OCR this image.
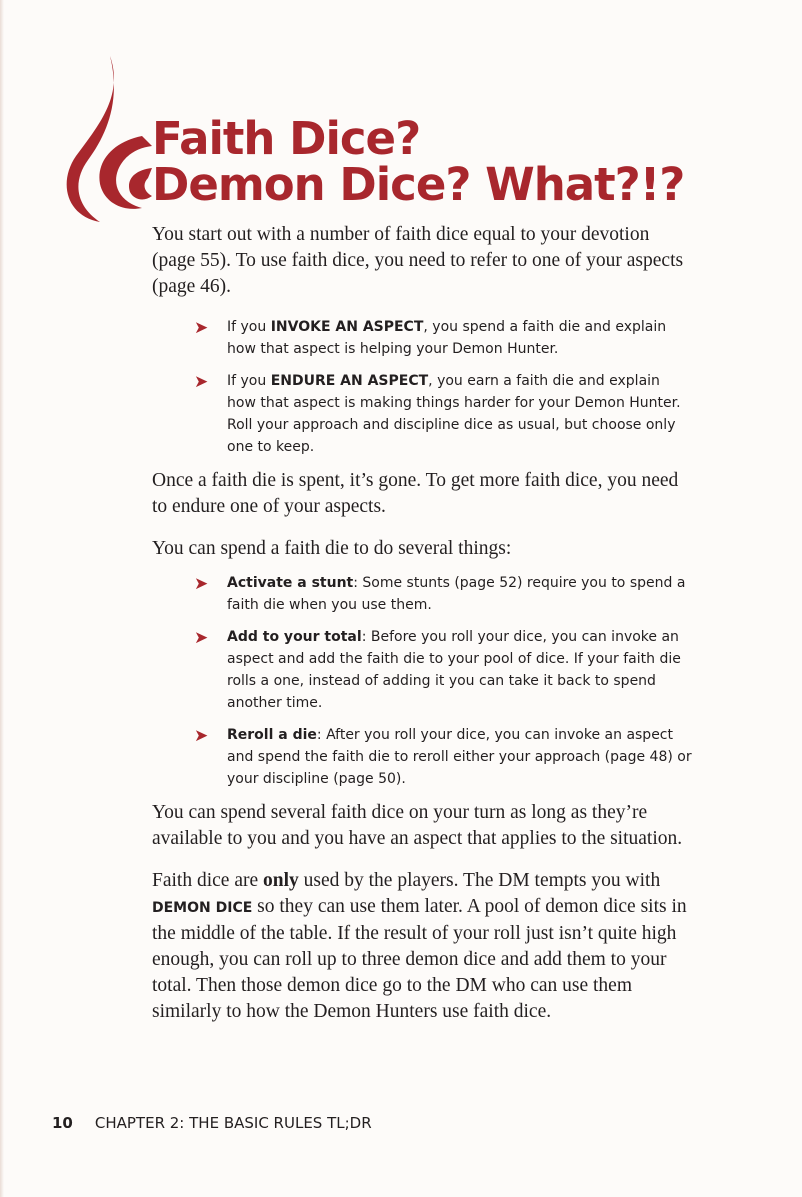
Faith Dice?
Demon Dice? What?!?

You start out with a number of faith dice equal to your devotion (page 55). To use faith dice, you need to refer to one of your aspects (page 46).

➤ If you INVOKE AN ASPECT, you spend a faith die and explain how that aspect is helping your Demon Hunter.
➤ If you ENDURE AN ASPECT, you earn a faith die and explain how that aspect is making things harder for your Demon Hunter. Roll your approach and discipline dice as usual, but choose only one to keep.

Once a faith die is spent, it’s gone. To get more faith dice, you need to endure one of your aspects.

You can spend a faith die to do several things:

➤ Activate a stunt: Some stunts (page 52) require you to spend a faith die when you use them.
➤ Add to your total: Before you roll your dice, you can invoke an aspect and add the faith die to your pool of dice. If your faith die rolls a one, instead of adding it you can take it back to spend another time.
➤ Reroll a die: After you roll your dice, you can invoke an aspect and spend the faith die to reroll either your approach (page 48) or your discipline (page 50).

You can spend several faith dice on your turn as long as they’re available to you and you have an aspect that applies to the situation.

Faith dice are only used by the players. The DM tempts you with DEMON DICE so they can use them later. A pool of demon dice sits in the middle of the table. If the result of your roll just isn’t quite high enough, you can roll up to three demon dice and add them to your total. Then those demon dice go to the DM who can use them similarly to how the Demon Hunters use faith dice.

10 CHAPTER 2: THE BASIC RULES TL;DR
